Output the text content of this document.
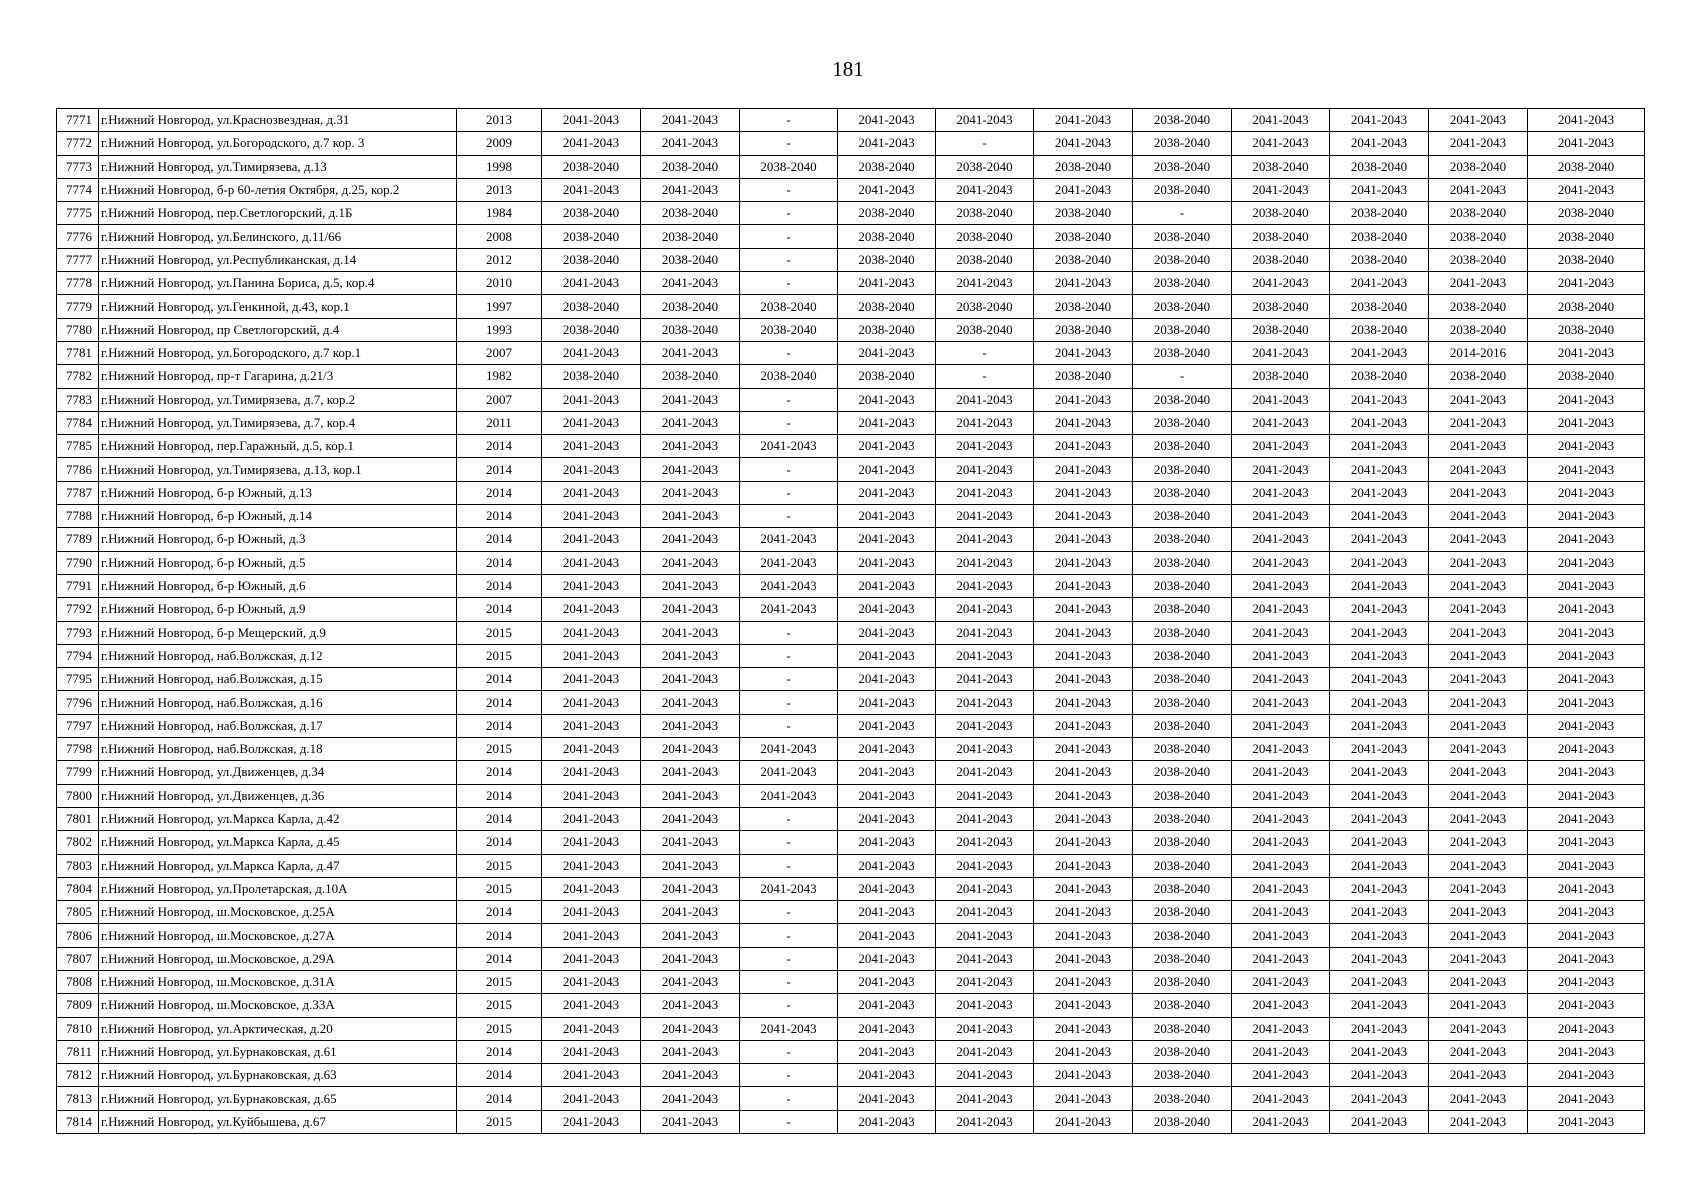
181
7771	г.Нижний Новгород, ул.Краснозвездная, д.31	2013	2041-2043	2041-2043	-	2041-2043	2041-2043	2041-2043	2038-2040	2041-2043	2041-2043	2041-2043	2041-2043
7772	г.Нижний Новгород, ул.Богородского, д.7 кор. 3	2009	2041-2043	2041-2043	-	2041-2043	-	2041-2043	2038-2040	2041-2043	2041-2043	2041-2043	2041-2043
7773	г.Нижний Новгород, ул.Тимирязева, д.13	1998	2038-2040	2038-2040	2038-2040	2038-2040	2038-2040	2038-2040	2038-2040	2038-2040	2038-2040	2038-2040	2038-2040
7774	г.Нижний Новгород, б-р 60-летия Октября, д.25, кор.2	2013	2041-2043	2041-2043	-	2041-2043	2041-2043	2041-2043	2038-2040	2041-2043	2041-2043	2041-2043	2041-2043
7775	г.Нижний Новгород, пер.Светлогорский, д.1Б	1984	2038-2040	2038-2040	-	2038-2040	2038-2040	2038-2040	-	2038-2040	2038-2040	2038-2040	2038-2040
7776	г.Нижний Новгород, ул.Белинского, д.11/66	2008	2038-2040	2038-2040	-	2038-2040	2038-2040	2038-2040	2038-2040	2038-2040	2038-2040	2038-2040	2038-2040
7777	г.Нижний Новгород, ул.Республиканская, д.14	2012	2038-2040	2038-2040	-	2038-2040	2038-2040	2038-2040	2038-2040	2038-2040	2038-2040	2038-2040	2038-2040
7778	г.Нижний Новгород, ул.Панина Бориса, д.5, кор.4	2010	2041-2043	2041-2043	-	2041-2043	2041-2043	2041-2043	2038-2040	2041-2043	2041-2043	2041-2043	2041-2043
7779	г.Нижний Новгород, ул.Генкиной, д.43, кор.1	1997	2038-2040	2038-2040	2038-2040	2038-2040	2038-2040	2038-2040	2038-2040	2038-2040	2038-2040	2038-2040	2038-2040
7780	г.Нижний Новгород, пр Светлогорский, д.4	1993	2038-2040	2038-2040	2038-2040	2038-2040	2038-2040	2038-2040	2038-2040	2038-2040	2038-2040	2038-2040	2038-2040
7781	г.Нижний Новгород, ул.Богородского, д.7 кор.1	2007	2041-2043	2041-2043	-	2041-2043	-	2041-2043	2038-2040	2041-2043	2041-2043	2014-2016	2041-2043
7782	г.Нижний Новгород, пр-т Гагарина, д.21/3	1982	2038-2040	2038-2040	2038-2040	2038-2040	-	2038-2040	-	2038-2040	2038-2040	2038-2040	2038-2040
7783	г.Нижний Новгород, ул.Тимирязева, д.7, кор.2	2007	2041-2043	2041-2043	-	2041-2043	2041-2043	2041-2043	2038-2040	2041-2043	2041-2043	2041-2043	2041-2043
7784	г.Нижний Новгород, ул.Тимирязева, д.7, кор.4	2011	2041-2043	2041-2043	-	2041-2043	2041-2043	2041-2043	2038-2040	2041-2043	2041-2043	2041-2043	2041-2043
7785	г.Нижний Новгород, пер.Гаражный, д.5, кор.1	2014	2041-2043	2041-2043	2041-2043	2041-2043	2041-2043	2041-2043	2038-2040	2041-2043	2041-2043	2041-2043	2041-2043
7786	г.Нижний Новгород, ул.Тимирязева, д.13, кор.1	2014	2041-2043	2041-2043	-	2041-2043	2041-2043	2041-2043	2038-2040	2041-2043	2041-2043	2041-2043	2041-2043
7787	г.Нижний Новгород, б-р Южный, д.13	2014	2041-2043	2041-2043	-	2041-2043	2041-2043	2041-2043	2038-2040	2041-2043	2041-2043	2041-2043	2041-2043
7788	г.Нижний Новгород, б-р Южный, д.14	2014	2041-2043	2041-2043	-	2041-2043	2041-2043	2041-2043	2038-2040	2041-2043	2041-2043	2041-2043	2041-2043
7789	г.Нижний Новгород, б-р Южный, д.3	2014	2041-2043	2041-2043	2041-2043	2041-2043	2041-2043	2041-2043	2038-2040	2041-2043	2041-2043	2041-2043	2041-2043
7790	г.Нижний Новгород, б-р Южный, д.5	2014	2041-2043	2041-2043	2041-2043	2041-2043	2041-2043	2041-2043	2038-2040	2041-2043	2041-2043	2041-2043	2041-2043
7791	г.Нижний Новгород, б-р Южный, д.6	2014	2041-2043	2041-2043	2041-2043	2041-2043	2041-2043	2041-2043	2038-2040	2041-2043	2041-2043	2041-2043	2041-2043
7792	г.Нижний Новгород, б-р Южный, д.9	2014	2041-2043	2041-2043	2041-2043	2041-2043	2041-2043	2041-2043	2038-2040	2041-2043	2041-2043	2041-2043	2041-2043
7793	г.Нижний Новгород, б-р Мещерский, д.9	2015	2041-2043	2041-2043	-	2041-2043	2041-2043	2041-2043	2038-2040	2041-2043	2041-2043	2041-2043	2041-2043
7794	г.Нижний Новгород, наб.Волжская, д.12	2015	2041-2043	2041-2043	-	2041-2043	2041-2043	2041-2043	2038-2040	2041-2043	2041-2043	2041-2043	2041-2043
7795	г.Нижний Новгород, наб.Волжская, д.15	2014	2041-2043	2041-2043	-	2041-2043	2041-2043	2041-2043	2038-2040	2041-2043	2041-2043	2041-2043	2041-2043
7796	г.Нижний Новгород, наб.Волжская, д.16	2014	2041-2043	2041-2043	-	2041-2043	2041-2043	2041-2043	2038-2040	2041-2043	2041-2043	2041-2043	2041-2043
7797	г.Нижний Новгород, наб.Волжская, д.17	2014	2041-2043	2041-2043	-	2041-2043	2041-2043	2041-2043	2038-2040	2041-2043	2041-2043	2041-2043	2041-2043
7798	г.Нижний Новгород, наб.Волжская, д.18	2015	2041-2043	2041-2043	2041-2043	2041-2043	2041-2043	2041-2043	2038-2040	2041-2043	2041-2043	2041-2043	2041-2043
7799	г.Нижний Новгород, ул.Движенцев, д.34	2014	2041-2043	2041-2043	2041-2043	2041-2043	2041-2043	2041-2043	2038-2040	2041-2043	2041-2043	2041-2043	2041-2043
7800	г.Нижний Новгород, ул.Движенцев, д.36	2014	2041-2043	2041-2043	2041-2043	2041-2043	2041-2043	2041-2043	2038-2040	2041-2043	2041-2043	2041-2043	2041-2043
7801	г.Нижний Новгород, ул.Маркса Карла, д.42	2014	2041-2043	2041-2043	-	2041-2043	2041-2043	2041-2043	2038-2040	2041-2043	2041-2043	2041-2043	2041-2043
7802	г.Нижний Новгород, ул.Маркса Карла, д.45	2014	2041-2043	2041-2043	-	2041-2043	2041-2043	2041-2043	2038-2040	2041-2043	2041-2043	2041-2043	2041-2043
7803	г.Нижний Новгород, ул.Маркса Карла, д.47	2015	2041-2043	2041-2043	-	2041-2043	2041-2043	2041-2043	2038-2040	2041-2043	2041-2043	2041-2043	2041-2043
7804	г.Нижний Новгород, ул.Пролетарская, д.10А	2015	2041-2043	2041-2043	2041-2043	2041-2043	2041-2043	2041-2043	2038-2040	2041-2043	2041-2043	2041-2043	2041-2043
7805	г.Нижний Новгород, ш.Московское, д.25А	2014	2041-2043	2041-2043	-	2041-2043	2041-2043	2041-2043	2038-2040	2041-2043	2041-2043	2041-2043	2041-2043
7806	г.Нижний Новгород, ш.Московское, д.27А	2014	2041-2043	2041-2043	-	2041-2043	2041-2043	2041-2043	2038-2040	2041-2043	2041-2043	2041-2043	2041-2043
7807	г.Нижний Новгород, ш.Московское, д.29А	2014	2041-2043	2041-2043	-	2041-2043	2041-2043	2041-2043	2038-2040	2041-2043	2041-2043	2041-2043	2041-2043
7808	г.Нижний Новгород, ш.Московское, д.31А	2015	2041-2043	2041-2043	-	2041-2043	2041-2043	2041-2043	2038-2040	2041-2043	2041-2043	2041-2043	2041-2043
7809	г.Нижний Новгород, ш.Московское, д.33А	2015	2041-2043	2041-2043	-	2041-2043	2041-2043	2041-2043	2038-2040	2041-2043	2041-2043	2041-2043	2041-2043
7810	г.Нижний Новгород, ул.Арктическая, д.20	2015	2041-2043	2041-2043	2041-2043	2041-2043	2041-2043	2041-2043	2038-2040	2041-2043	2041-2043	2041-2043	2041-2043
7811	г.Нижний Новгород, ул.Бурнаковская, д.61	2014	2041-2043	2041-2043	-	2041-2043	2041-2043	2041-2043	2038-2040	2041-2043	2041-2043	2041-2043	2041-2043
7812	г.Нижний Новгород, ул.Бурнаковская, д.63	2014	2041-2043	2041-2043	-	2041-2043	2041-2043	2041-2043	2038-2040	2041-2043	2041-2043	2041-2043	2041-2043
7813	г.Нижний Новгород, ул.Бурнаковская, д.65	2014	2041-2043	2041-2043	-	2041-2043	2041-2043	2041-2043	2038-2040	2041-2043	2041-2043	2041-2043	2041-2043
7814	г.Нижний Новгород, ул.Куйбышева, д.67	2015	2041-2043	2041-2043	-	2041-2043	2041-2043	2041-2043	2038-2040	2041-2043	2041-2043	2041-2043	2041-2043
